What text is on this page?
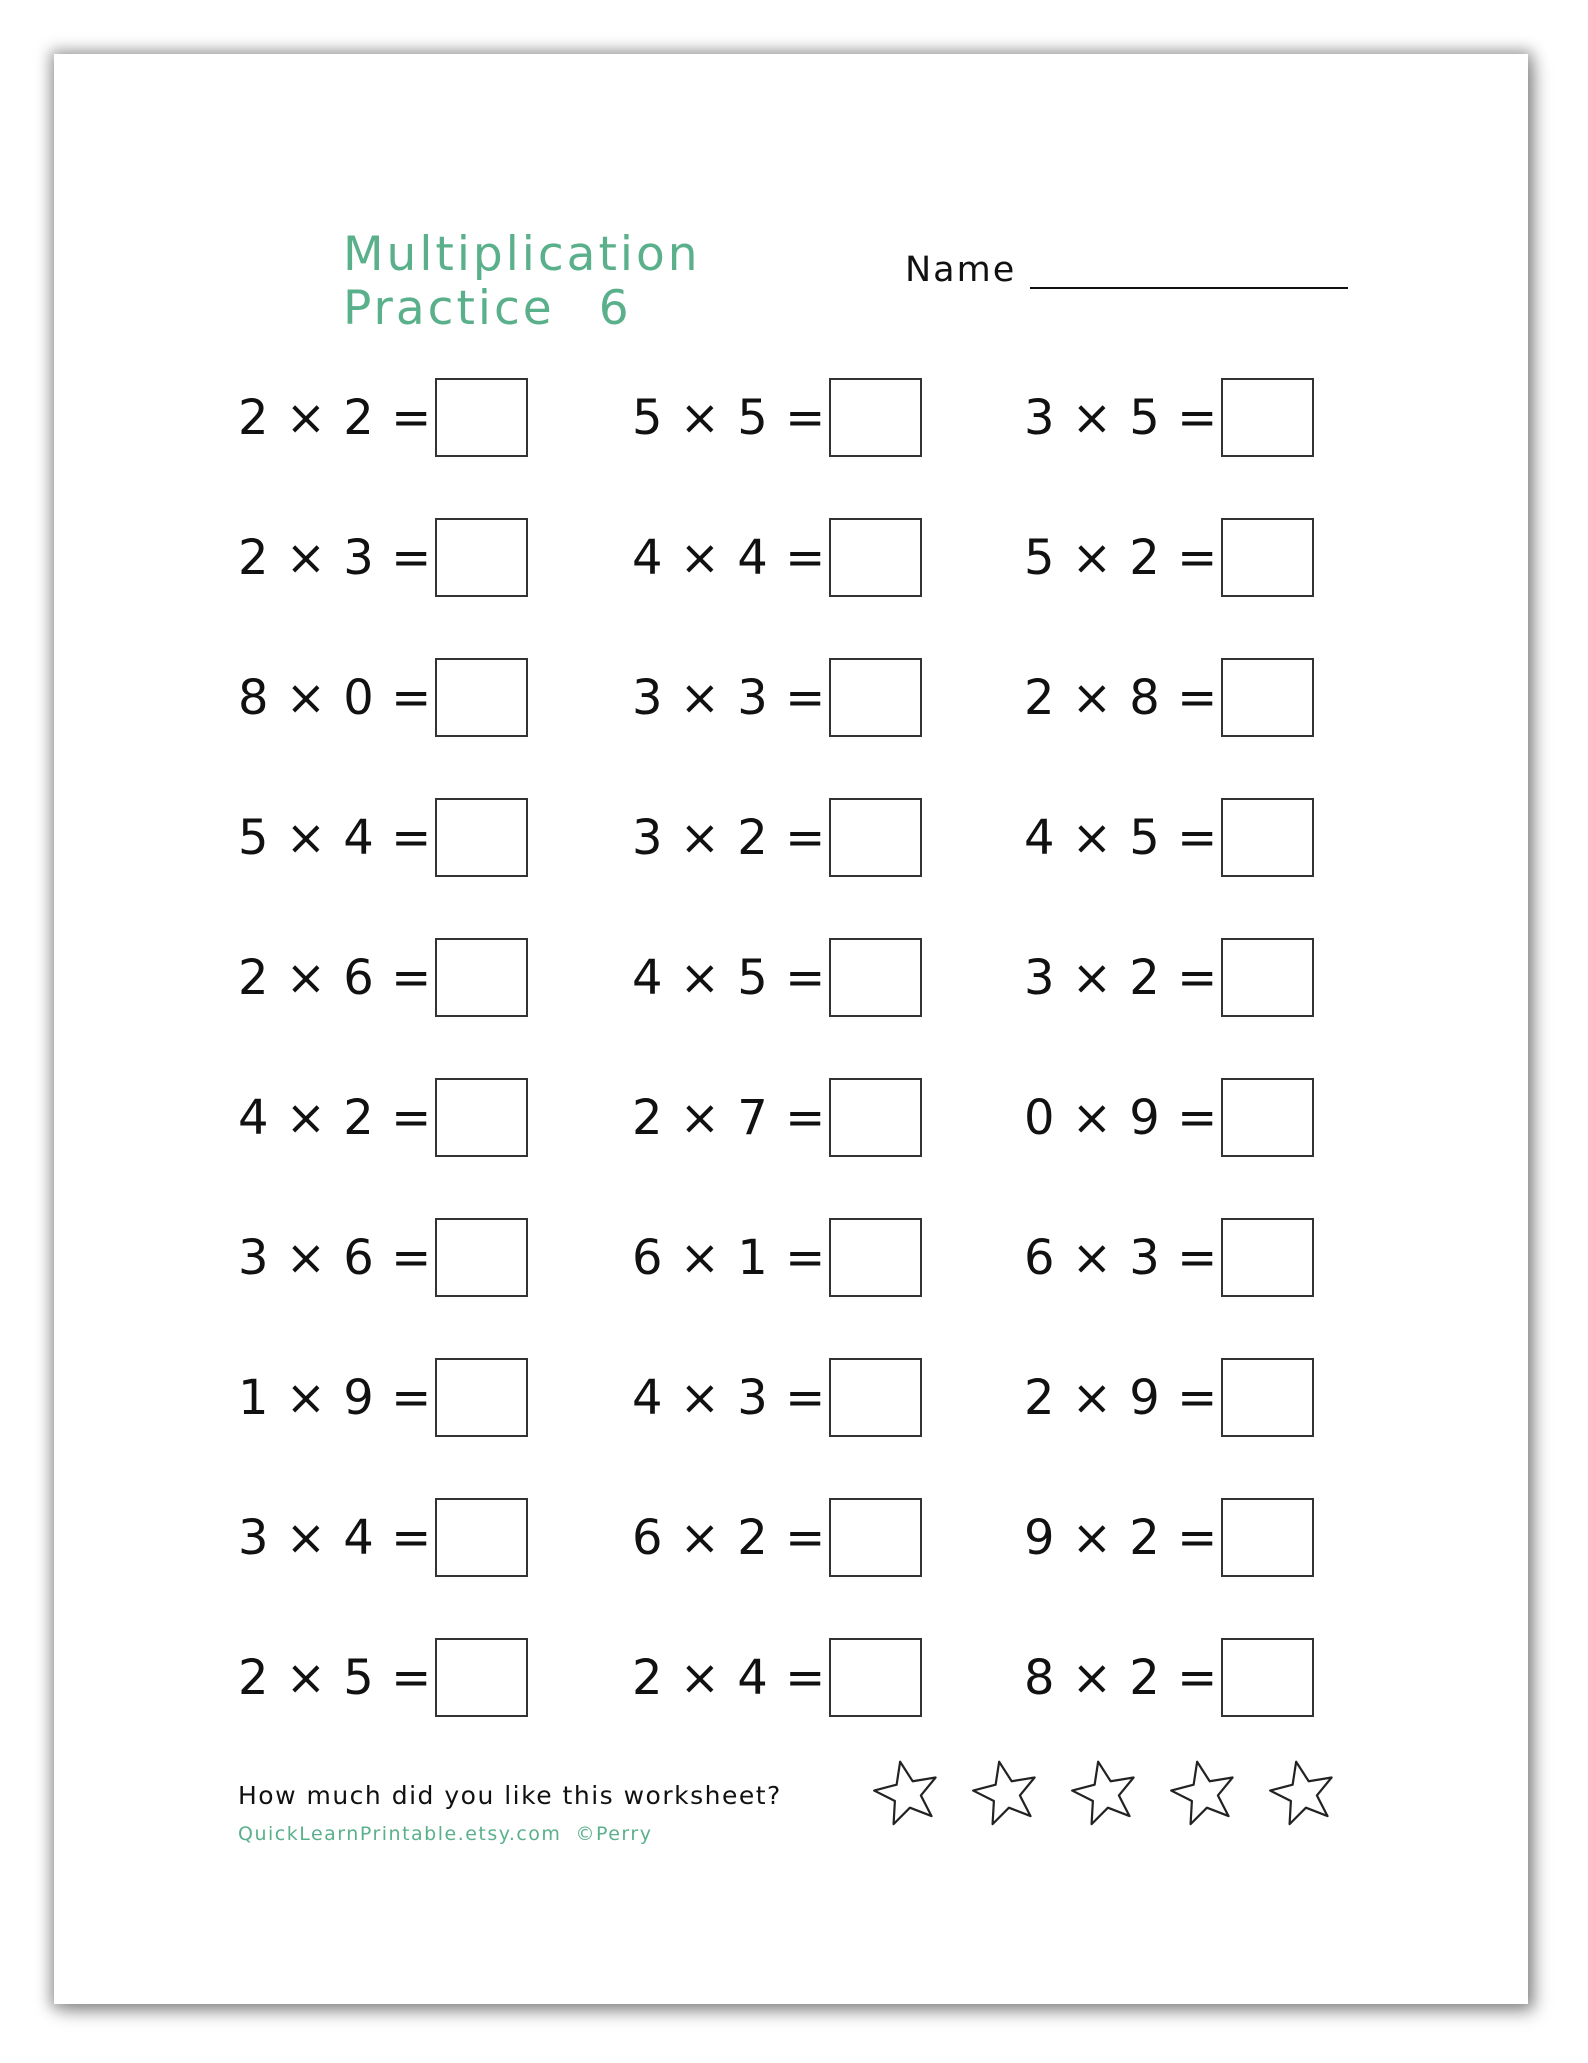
Multiplication
Practice 6
Name
2 × 2 =	5 × 5 =	3 × 5 =
2 × 3 =	4 × 4 =	5 × 2 =
8 × 0 =	3 × 3 =	2 × 8 =
5 × 4 =	3 × 2 =	4 × 5 =
2 × 6 =	4 × 5 =	3 × 2 =
4 × 2 =	2 × 7 =	0 × 9 =
3 × 6 =	6 × 1 =	6 × 3 =
1 × 9 =	4 × 3 =	2 × 9 =
3 × 4 =	6 × 2 =	9 × 2 =
2 × 5 =	2 × 4 =	8 × 2 =
How much did you like this worksheet?
QuickLearnPrintable.etsy.com ©Perry
